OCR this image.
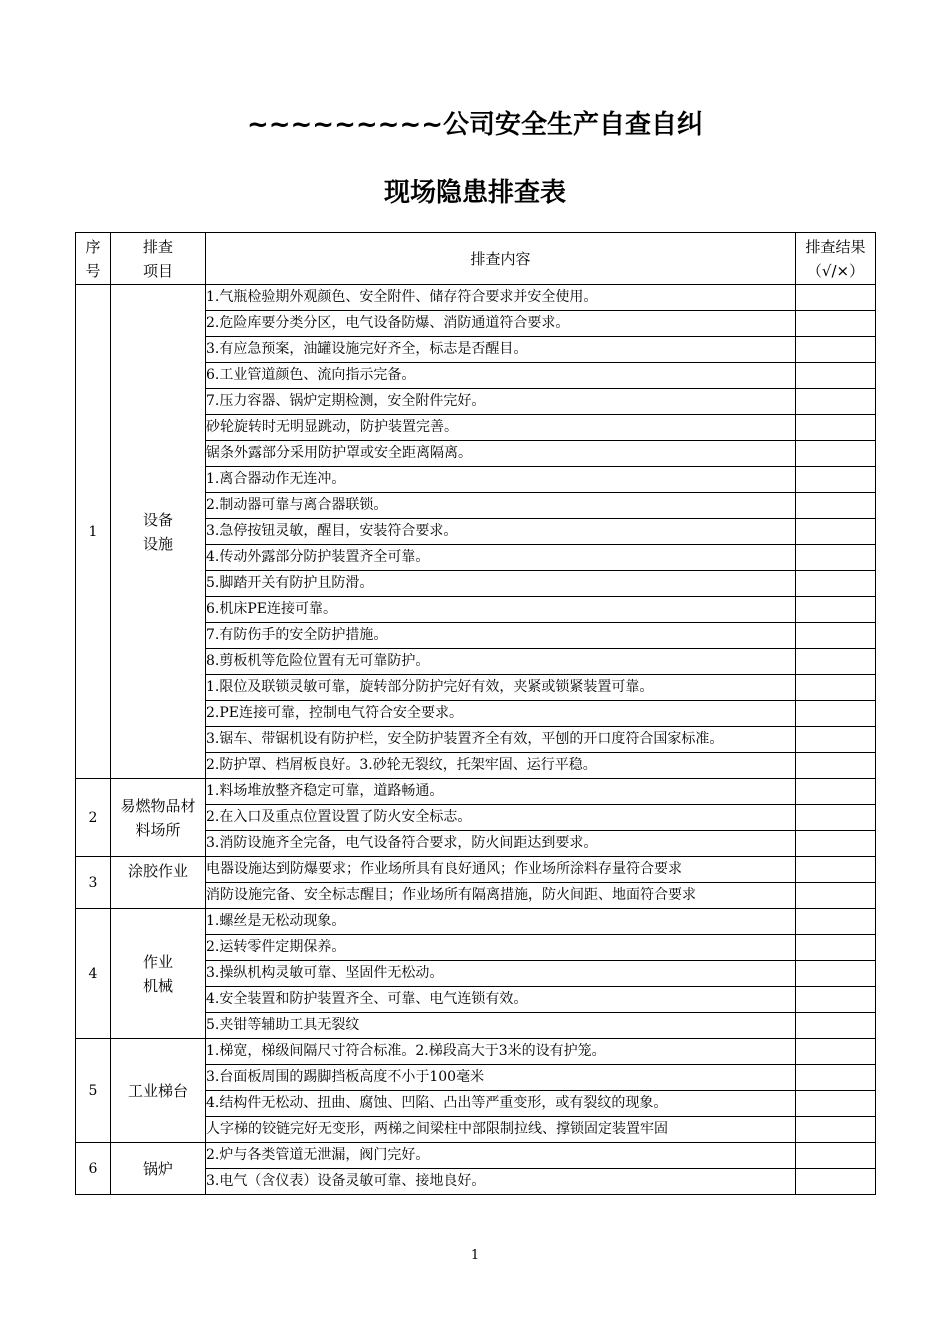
~~~~~~~~~公司安全生产自查自纠
现场隐患排查表
序号	排查项目	排查内容	排查结果（√/×）
1	设备设施	1.气瓶检验期外观颜色、安全附件、储存符合要求并安全使用。	
		2.危险库要分类分区，电气设备防爆、消防通道符合要求。	
		3.有应急预案，油罐设施完好齐全，标志是否醒目。	
		6.工业管道颜色、流向指示完备。	
		7.压力容器、锅炉定期检测，安全附件完好。	
		砂轮旋转时无明显跳动，防护装置完善。	
		锯条外露部分采用防护罩或安全距离隔离。	
		1.离合器动作无连冲。	
		2.制动器可靠与离合器联锁。	
		3.急停按钮灵敏，醒目，安装符合要求。	
		4.传动外露部分防护装置齐全可靠。	
		5.脚踏开关有防护且防滑。	
		6.机床PE连接可靠。	
		7.有防伤手的安全防护措施。	
		8.剪板机等危险位置有无可靠防护。	
		1.限位及联锁灵敏可靠，旋转部分防护完好有效，夹紧或锁紧装置可靠。	
		2.PE连接可靠，控制电气符合安全要求。	
		3.锯车、带锯机设有防护栏，安全防护装置齐全有效，平刨的开口度符合国家标准。	
		2.防护罩、档屑板良好。3.砂轮无裂纹，托架牢固、运行平稳。	
2	易燃物品材料场所	1.料场堆放整齐稳定可靠，道路畅通。	
		2.在入口及重点位置设置了防火安全标志。	
		3.消防设施齐全完备，电气设备符合要求，防火间距达到要求。	
3	涂胶作业	电器设施达到防爆要求；作业场所具有良好通风；作业场所涂料存量符合要求	
		消防设施完备、安全标志醒目；作业场所有隔离措施，防火间距、地面符合要求	
4	作业机械	1.螺丝是无松动现象。	
		2.运转零件定期保养。	
		3.操纵机构灵敏可靠、坚固件无松动。	
		4.安全装置和防护装置齐全、可靠、电气连锁有效。	
		5.夹钳等辅助工具无裂纹	
5	工业梯台	1.梯宽，梯级间隔尺寸符合标准。2.梯段高大于3米的设有护笼。	
		3.台面板周围的踢脚挡板高度不小于100毫米	
		4.结构件无松动、扭曲、腐蚀、凹陷、凸出等严重变形，或有裂纹的现象。	
		人字梯的铰链完好无变形，两梯之间梁柱中部限制拉线、撑锁固定装置牢固	
6	锅炉	2.炉与各类管道无泄漏，阀门完好。	
		3.电气（含仪表）设备灵敏可靠、接地良好。	
1
